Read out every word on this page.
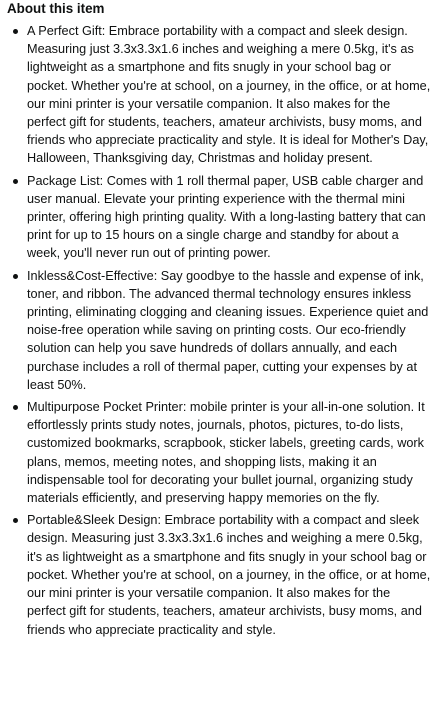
About this item
A Perfect Gift: Embrace portability with a compact and sleek design. Measuring just 3.3x3.3x1.6 inches and weighing a mere 0.5kg, it's as lightweight as a smartphone and fits snugly in your school bag or pocket. Whether you're at school, on a journey, in the office, or at home, our mini printer is your versatile companion. It also makes for the perfect gift for students, teachers, amateur archivists, busy moms, and friends who appreciate practicality and style. It is ideal for Mother's Day, Halloween, Thanksgiving day, Christmas and holiday present.
Package List: Comes with 1 roll thermal paper, USB cable charger and user manual. Elevate your printing experience with the thermal mini printer, offering high printing quality. With a long-lasting battery that can print for up to 15 hours on a single charge and standby for about a week, you'll never run out of printing power.
Inkless&Cost-Effective: Say goodbye to the hassle and expense of ink, toner, and ribbon. The advanced thermal technology ensures inkless printing, eliminating clogging and cleaning issues. Experience quiet and noise-free operation while saving on printing costs. Our eco-friendly solution can help you save hundreds of dollars annually, and each purchase includes a roll of thermal paper, cutting your expenses by at least 50%.
Multipurpose Pocket Printer: mobile printer is your all-in-one solution. It effortlessly prints study notes, journals, photos, pictures, to-do lists, customized bookmarks, scrapbook, sticker labels, greeting cards, work plans, memos, meeting notes, and shopping lists, making it an indispensable tool for decorating your bullet journal, organizing study materials efficiently, and preserving happy memories on the fly.
Portable&Sleek Design: Embrace portability with a compact and sleek design. Measuring just 3.3x3.3x1.6 inches and weighing a mere 0.5kg, it's as lightweight as a smartphone and fits snugly in your school bag or pocket. Whether you're at school, on a journey, in the office, or at home, our mini printer is your versatile companion. It also makes for the perfect gift for students, teachers, amateur archivists, busy moms, and friends who appreciate practicality and style.
